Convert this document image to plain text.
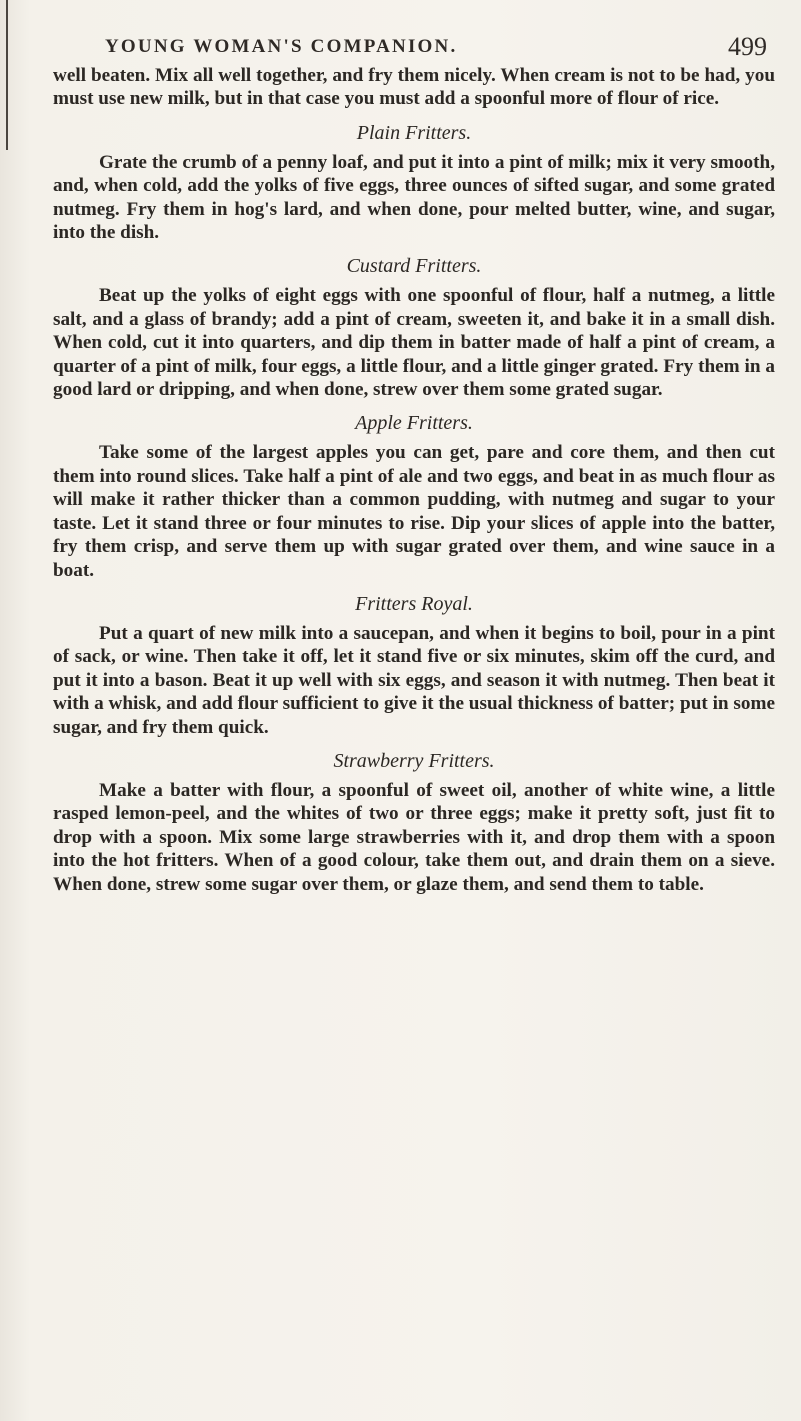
YOUNG WOMAN'S COMPANION.	499

well beaten. Mix all well together, and fry them nicely. When cream is not to be had, you must use new milk, but in that case you must add a spoonful more of flour of rice.

Plain Fritters.

Grate the crumb of a penny loaf, and put it into a pint of milk; mix it very smooth, and, when cold, add the yolks of five eggs, three ounces of sifted sugar, and some grated nutmeg. Fry them in hog's lard, and when done, pour melted butter, wine, and sugar, into the dish.

Custard Fritters.

Beat up the yolks of eight eggs with one spoonful of flour, half a nutmeg, a little salt, and a glass of brandy; add a pint of cream, sweeten it, and bake it in a small dish. When cold, cut it into quarters, and dip them in batter made of half a pint of cream, a quarter of a pint of milk, four eggs, a little flour, and a little ginger grated. Fry them in a good lard or dripping, and when done, strew over them some grated sugar.

Apple Fritters.

Take some of the largest apples you can get, pare and core them, and then cut them into round slices. Take half a pint of ale and two eggs, and beat in as much flour as will make it rather thicker than a common pudding, with nutmeg and sugar to your taste. Let it stand three or four minutes to rise. Dip your slices of apple into the batter, fry them crisp, and serve them up with sugar grated over them, and wine sauce in a boat.

Fritters Royal.

Put a quart of new milk into a saucepan, and when it begins to boil, pour in a pint of sack, or wine. Then take it off, let it stand five or six minutes, skim off the curd, and put it into a bason. Beat it up well with six eggs, and season it with nutmeg. Then beat it with a whisk, and add flour sufficient to give it the usual thickness of batter; put in some sugar, and fry them quick.

Strawberry Fritters.

Make a batter with flour, a spoonful of sweet oil, another of white wine, a little rasped lemon-peel, and the whites of two or three eggs; make it pretty soft, just fit to drop with a spoon. Mix some large strawberries with it, and drop them with a spoon into the hot fritters. When of a good colour, take them out, and drain them on a sieve. When done, strew some sugar over them, or glaze them, and send them to table.
